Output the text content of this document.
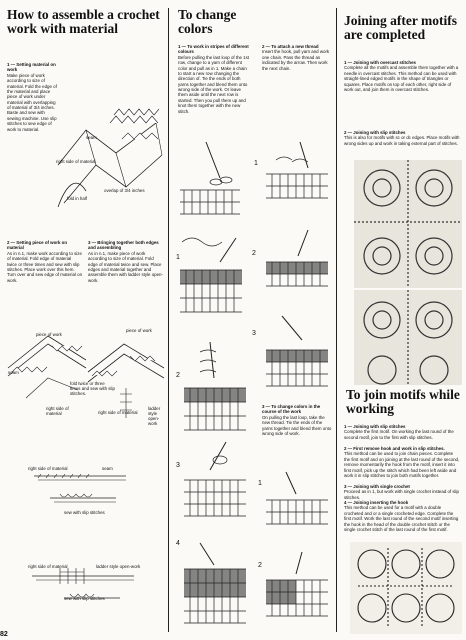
How to assemble a crochet work with material
1 — Setting material on work
Make piece of work according to size of material. Fold the edge of the material and place piece of work under material with overlapping of material of 3/4 inches. Baste and sew with sewing machine. Use slip stitches to sew edge of work to material.
seam
right side of material
fold in half
overlap of 3/4 inches
2 — Setting piece of work on material
As in n.1, make work according to size of material. Fold edge of material twice or three times and sew with slip stitches. Place work over this hem. Turn over and sew edge of material on work.
3 — Bringing together both edges and assembling
As in n.1, make piece of work according to size of material. Fold edge of material twice and sew. Place edges and material together and assemble them with ladder style open-work.
piece of work
piece of work
seam
fold twice or three times and sew with slip stitches.
right side of material	right side of material
ladder style open-work
right side of material	seam
sew with slip stitches
right side of material	ladder style open-work
sew with slip stitches
To change colors
1 — To work in stripes of different colours
Before pulling the last loop of the 1st row, change to a yarn of different color and pull as in 1. Make a chain to start a new row changing the direction of. Tie the ends of both yarns together and blend them onto wrong side of the work. Or leave them aside until the next row is started. Then you pull them up and knot them together with the new stitch.
2 — To attach a new thread
Insert the hook, pull yarn and work one chain. Pass the thread as indicated by the arrow. Then work the next chain.
3 — To change colors in the course of the work
On pulling the last loop, take the new thread. Tie the ends of the yarns together and blend them onto wrong side of work.
1
2
3
4
1
2
3
1
2
Joining after motifs are completed
1 — Joining with overcast stitches
Complete all the motifs and assemble them together with a needle in overcast stitches. This method can be used with straight-lined edged motifs in the shape of triangles or squares. Place motifs on top of each other, right side of work out, and join them in overcast stitches.
2 — Joining with slip stitches
This is also for motifs with sc or dc edges. Place motifs with wrong sides up and work in taking external part of stitches.
To join motifs while working
1 — Joining with slip stitches
Complete the first motif. On working the last round of the second motif, join to the first with slip stitches.
2 — First remove hook and work in slip stitches.
This method can be used to join chain pieces. Complete the first motif and on joining at the last round of the second, remove momentarily the hook from the motif, insert it into first motif, pick up the stitch which had been left aside and work it in slip stitches to join both motifs together.
3 — Joining with single crochet
Proceed as in 1, but work with single crochet instead of slip stitches.
4 — Joining inserting the hook
This method can be used for a motif with a double crocheted and or a single crocheted edge. Complete the first motif. Work the last round of the second motif inserting the hook in the head of the double crochet stitch or the single crochet stitch of the last round of the first motif.
82
